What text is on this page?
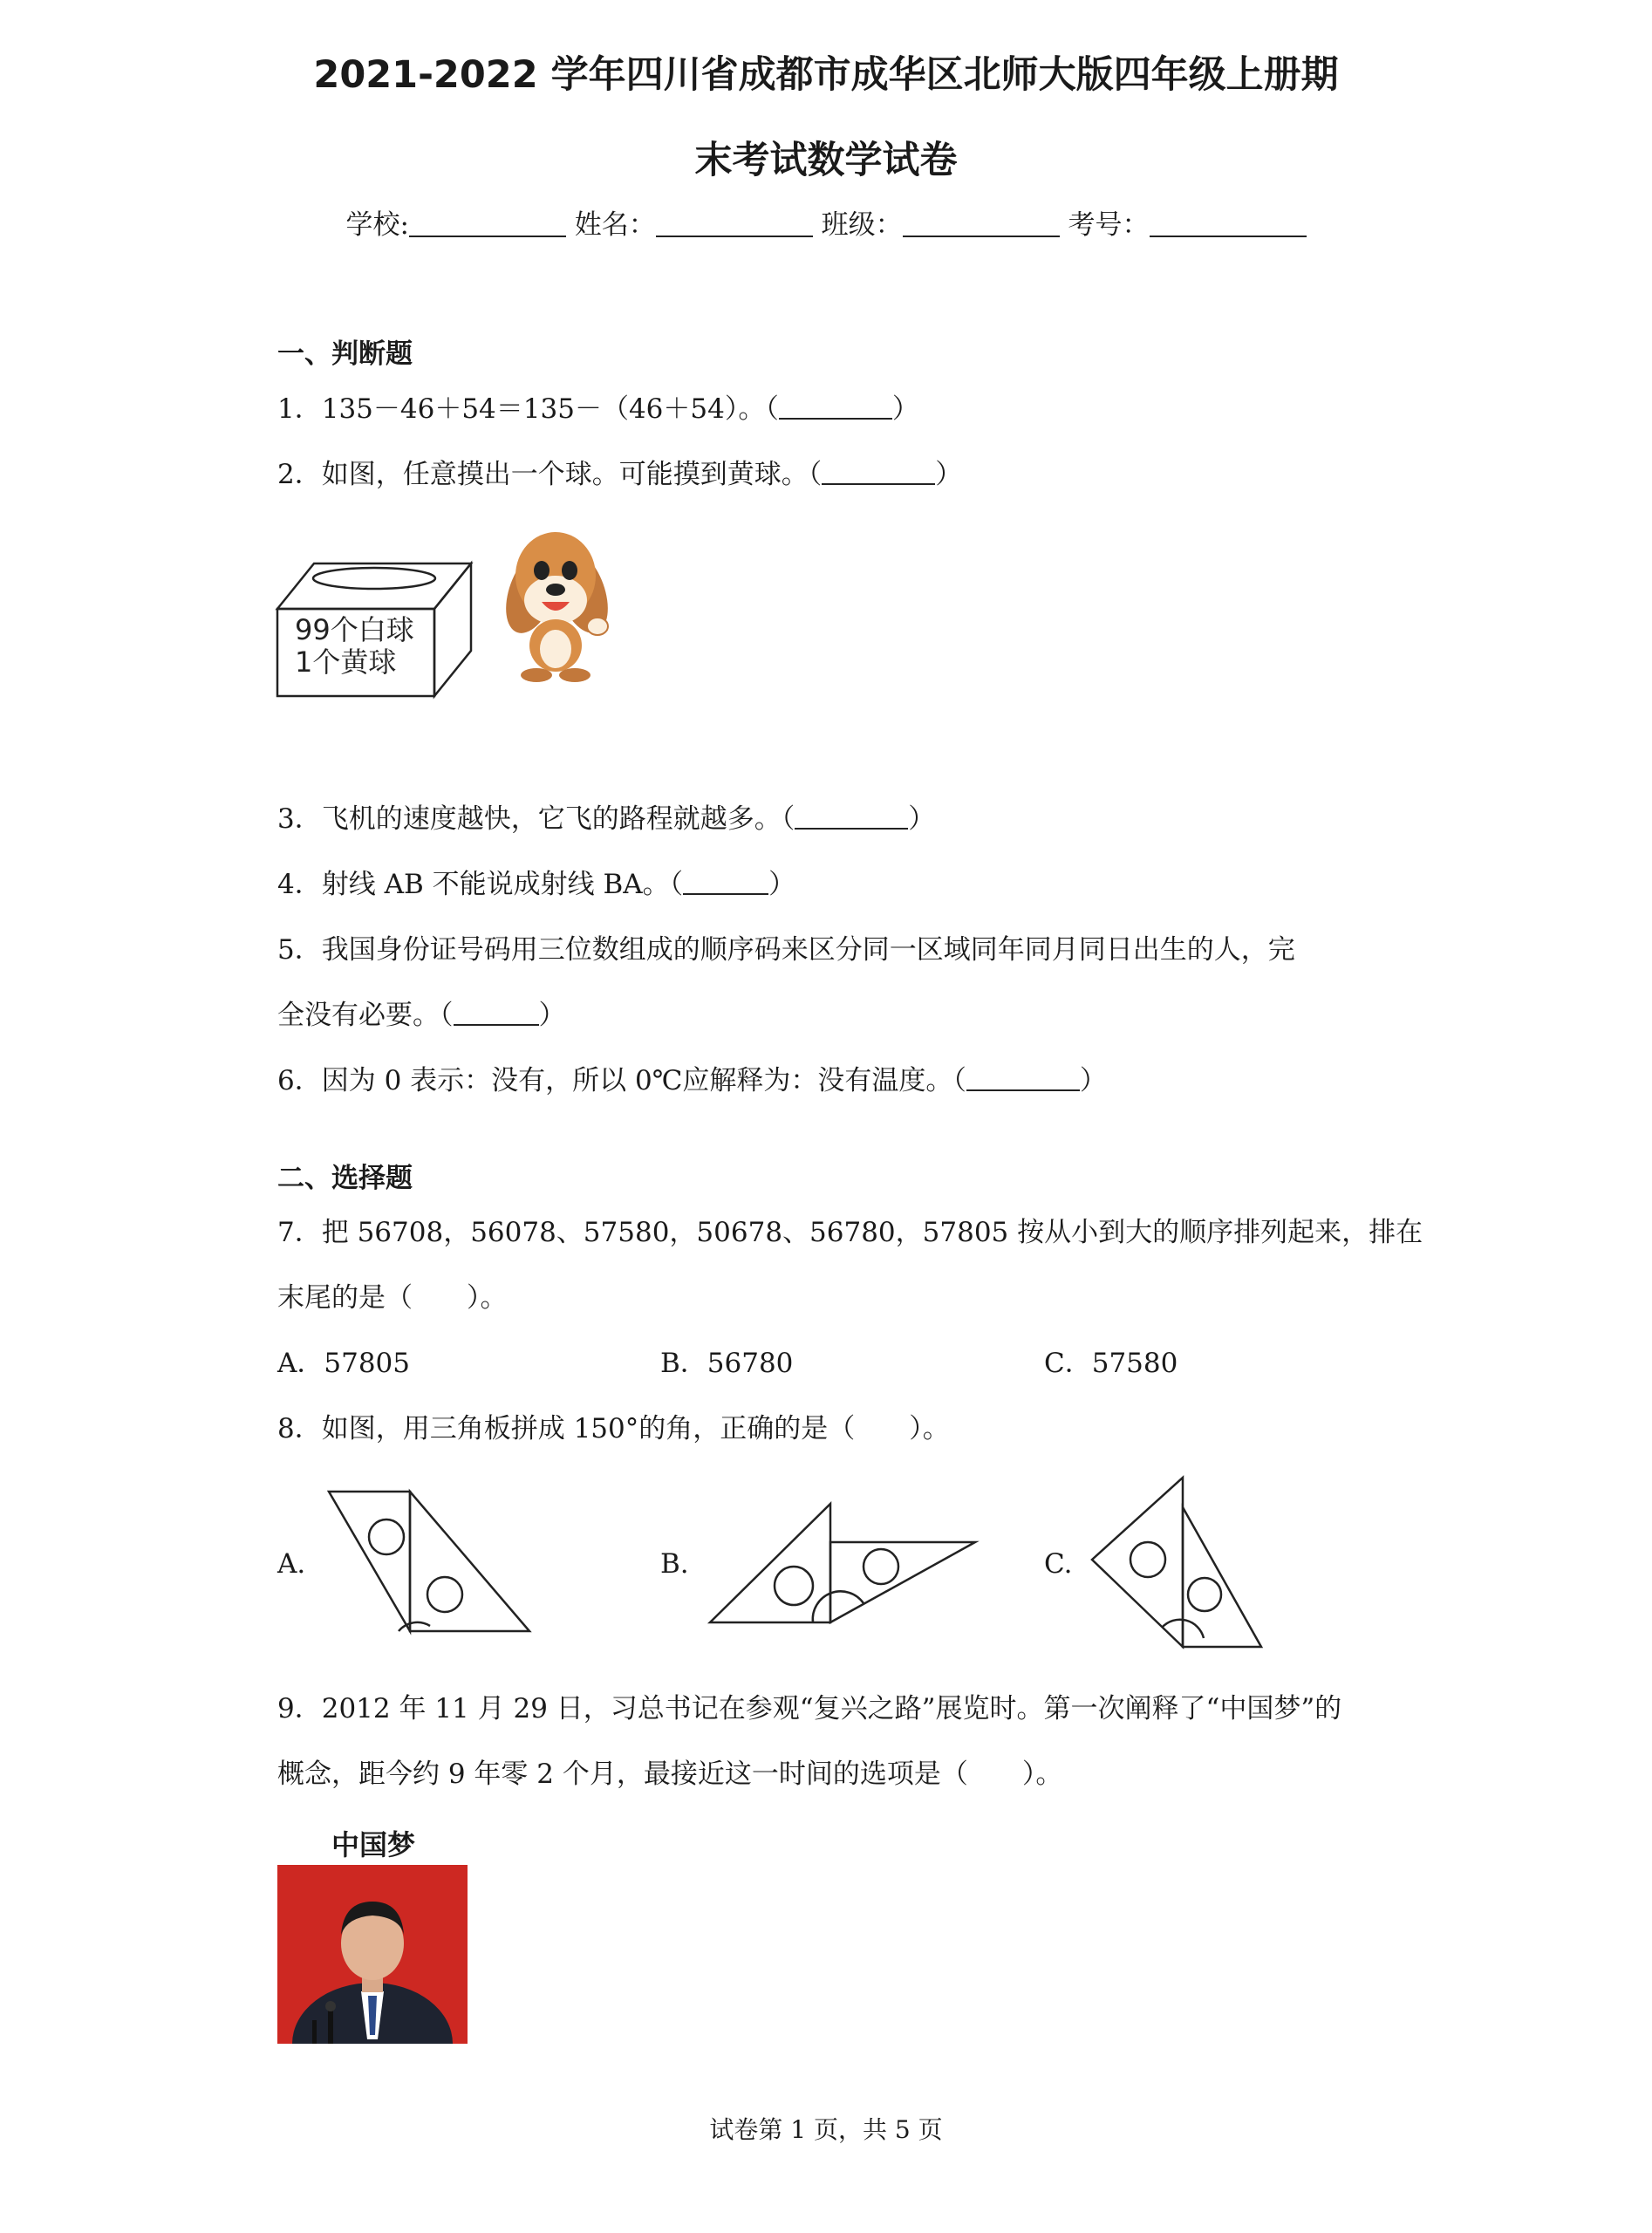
2021-2022 学年四川省成都市成华区北师大版四年级上册期
末考试数学试卷
学校:	姓名：	班级：	考号：
一、判断题
1．135－46＋54＝135－（46＋54）。（	）
2．如图，任意摸出一个球。可能摸到黄球。（	）
99个白球
1个黄球
3．飞机的速度越快，它飞的路程就越多。（	）
4．射线 AB 不能说成射线 BA。（	）
5．我国身份证号码用三位数组成的顺序码来区分同一区域同年同月同日出生的人，完
全没有必要。（	）
6．因为 0 表示：没有，所以 0℃应解释为：没有温度。（	）
二、选择题
7．把 56708，56078、57580，50678、56780，57805 按从小到大的顺序排列起来，排在
末尾的是（　　）。
A．57805	B．56780	C．57580
8．如图，用三角板拼成 150°的角，正确的是（　　）。
A.	B.	C.
9．2012 年 11 月 29 日，习总书记在参观“复兴之路”展览时。第一次阐释了“中国梦”的
概念，距今约 9 年零 2 个月，最接近这一时间的选项是（　　）。
中国梦
试卷第 1 页，共 5 页
